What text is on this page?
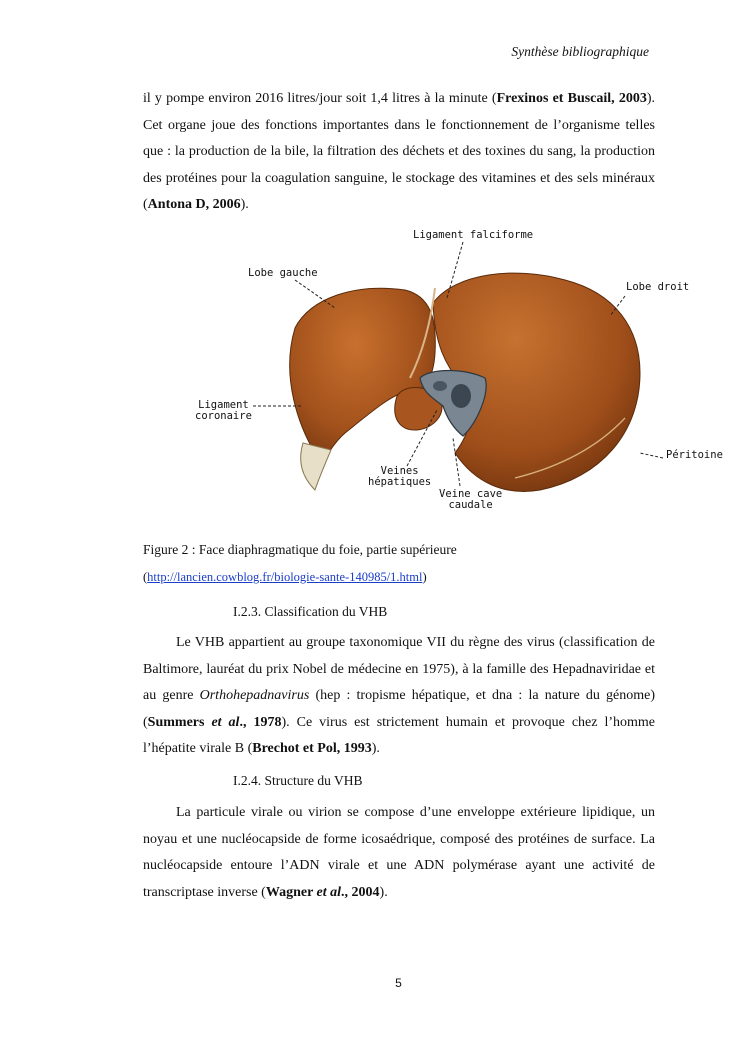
Synthèse bibliographique

il y pompe environ 2016 litres/jour soit 1,4 litres à la minute (Frexinos et Buscail, 2003). Cet organe joue des fonctions importantes dans le fonctionnement de l’organisme telles que : la production de la bile, la filtration des déchets et des toxines du sang, la production des protéines pour la coagulation sanguine, le stockage des vitamines et des sels minéraux (Antona D, 2006).

Ligament falciforme
Lobe gauche
Lobe droit
Ligament
coronaire
Péritoine
Veines
hépatiques
Veine cave
caudale
Figure 2 : Face diaphragmatique du foie, partie supérieure
(http://lancien.cowblog.fr/biologie-sante-140985/1.html)
I.2.3. Classification du VHB

Le VHB appartient au groupe taxonomique VII du règne des virus (classification de Baltimore, lauréat du prix Nobel de médecine en 1975), à la famille des Hepadnaviridae et au genre Orthohepadnavirus (hep : tropisme hépatique, et dna : la nature du génome) (Summers et al., 1978). Ce virus est strictement humain et provoque chez l’homme l’hépatite virale B (Brechot et Pol, 1993).

I.2.4. Structure du VHB

La particule virale ou virion se compose d’une enveloppe extérieure lipidique, un noyau et une nucléocapside de forme icosaédrique, composé des protéines de surface. La nucléocapside entoure l’ADN virale et une ADN polymérase ayant une activité de transcriptase inverse (Wagner et al., 2004).

5
